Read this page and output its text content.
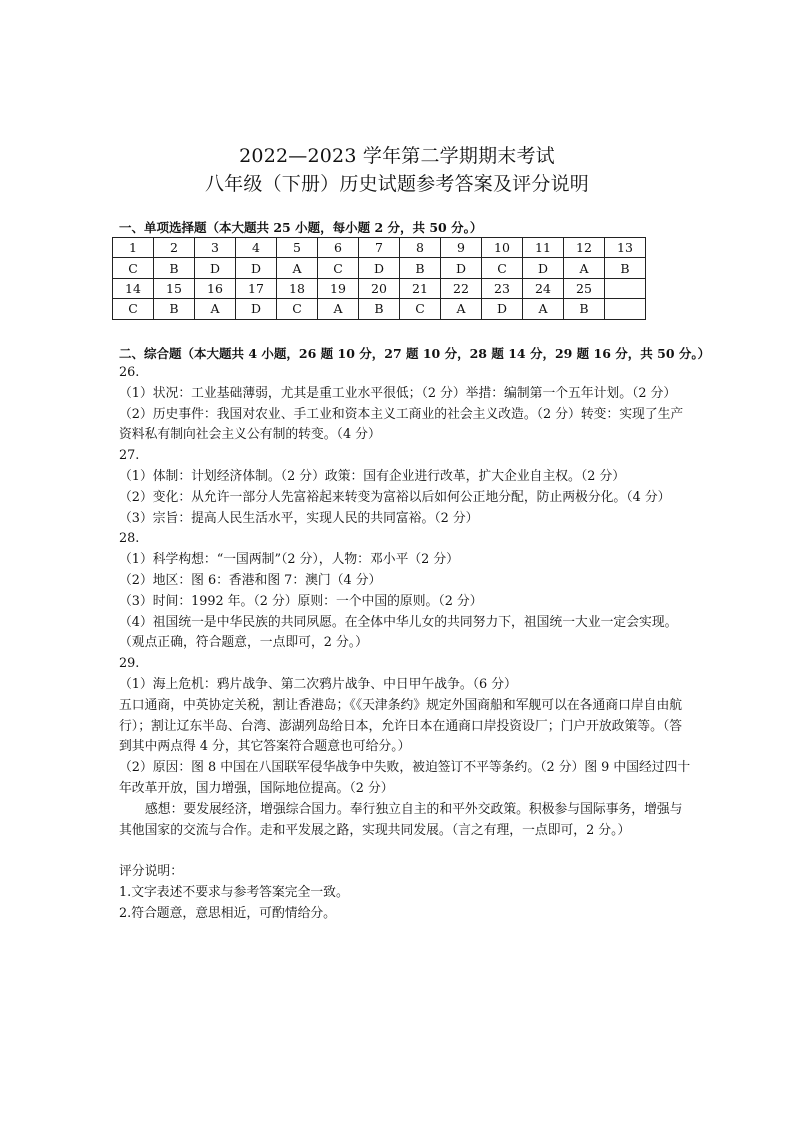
2022—2023 学年第二学期期末考试
八年级（下册）历史试题参考答案及评分说明
一、单项选择题（本大题共 25 小题，每小题 2 分，共 50 分。）
1	2	3	4	5	6	7	8	9	10	11	12	13
C	B	D	D	A	C	D	B	D	C	D	A	B
14	15	16	17	18	19	20	21	22	23	24	25	
C	B	A	D	C	A	B	C	A	D	A	B	
二、综合题（本大题共 4 小题，26 题 10 分，27 题 10 分，28 题 14 分，29 题 16 分，共 50 分。）

26.

（1）状况：工业基础薄弱，尤其是重工业水平很低；（2 分）举措：编制第一个五年计划。（2 分）

（2）历史事件：我国对农业、手工业和资本主义工商业的社会主义改造。（2 分）转变：实现了生产资料私有制向社会主义公有制的转变。（4 分）

27.

（1）体制：计划经济体制。（2 分）政策：国有企业进行改革，扩大企业自主权。（2 分）

（2）变化：从允许一部分人先富裕起来转变为富裕以后如何公正地分配，防止两极分化。（4 分）

（3）宗旨：提高人民生活水平，实现人民的共同富裕。（2 分）

28.

（1）科学构想：“一国两制”（2 分），人物：邓小平（2 分）

（2）地区：图 6：香港和图 7：澳门（4 分）

（3）时间：1992 年。（2 分）原则：一个中国的原则。（2 分）

（4）祖国统一是中华民族的共同夙愿。在全体中华儿女的共同努力下，祖国统一大业一定会实现。（观点正确，符合题意，一点即可，2 分。）

29.

（1）海上危机：鸦片战争、第二次鸦片战争、中日甲午战争。（6 分）

五口通商，中英协定关税，割让香港岛；《《天津条约》规定外国商船和军舰可以在各通商口岸自由航行）；割让辽东半岛、台湾、澎湖列岛给日本，允许日本在通商口岸投资设厂；门户开放政策等。（答到其中两点得 4 分，其它答案符合题意也可给分。）

（2）原因：图 8 中国在八国联军侵华战争中失败，被迫签订不平等条约。（2 分）图 9 中国经过四十年改革开放，国力增强，国际地位提高。（2 分）

感想：要发展经济，增强综合国力。奉行独立自主的和平外交政策。积极参与国际事务，增强与其他国家的交流与合作。走和平发展之路，实现共同发展。（言之有理，一点即可，2 分。）

评分说明：

1.文字表述不要求与参考答案完全一致。

2.符合题意，意思相近，可酌情给分。
